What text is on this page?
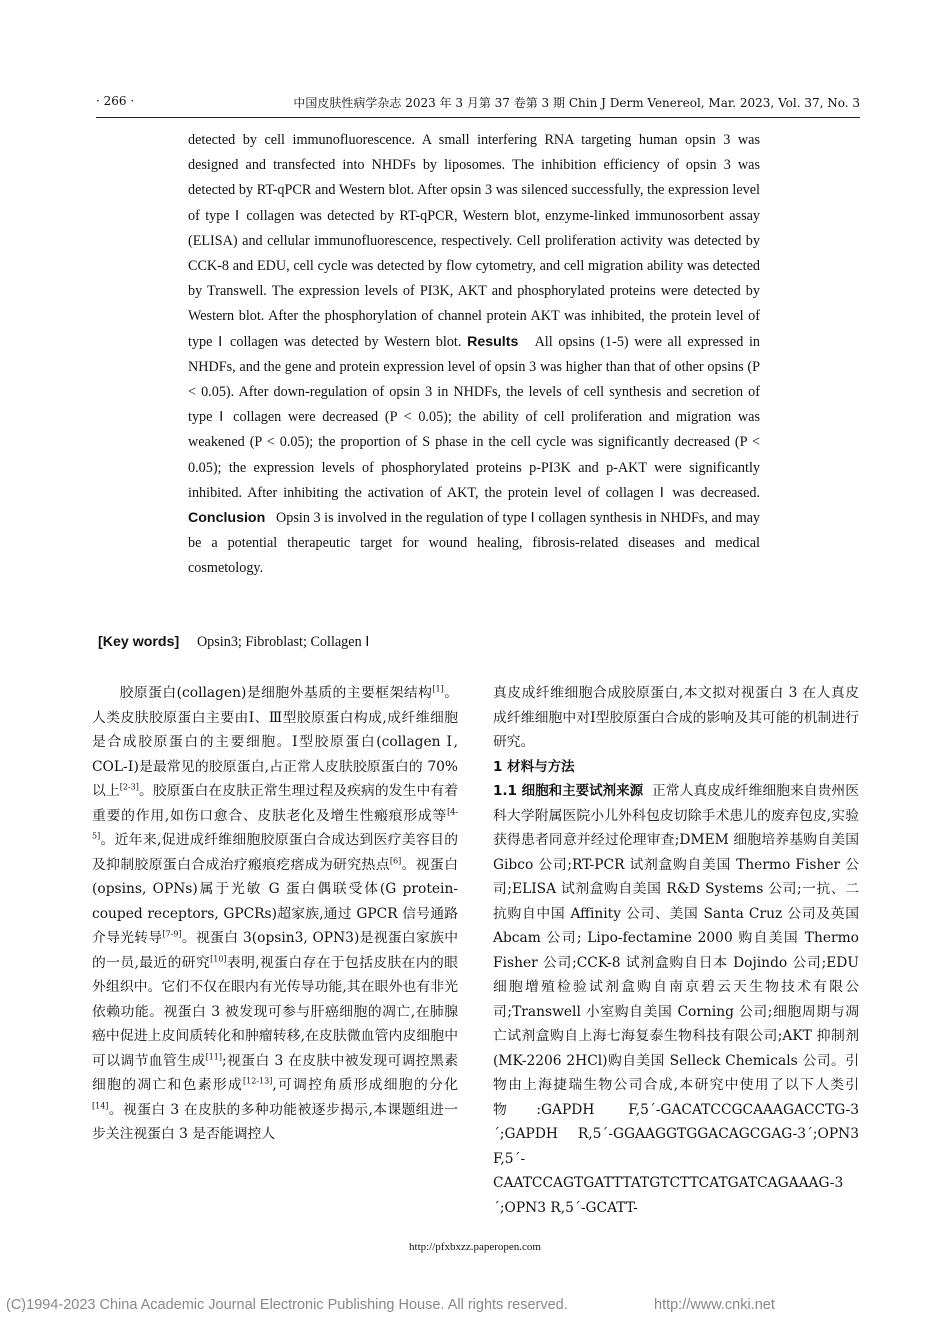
· 266 ·	中国皮肤性病学杂志 2023 年 3 月第 37 卷第 3 期 Chin J Derm Venereol, Mar. 2023, Vol. 37, No. 3

detected by cell immunofluorescence. A small interfering RNA targeting human opsin 3 was designed and transfected into NHDFs by liposomes. The inhibition efficiency of opsin 3 was detected by RT-qPCR and Western blot. After opsin 3 was silenced successfully, the expression level of type Ⅰ collagen was detected by RT-qPCR, Western blot, enzyme-linked immunosorbent assay (ELISA) and cellular immunofluorescence, respectively. Cell proliferation activity was detected by CCK-8 and EDU, cell cycle was detected by flow cytometry, and cell migration ability was detected by Transwell. The expression levels of PI3K, AKT and phosphorylated proteins were detected by Western blot. After the phosphorylation of channel protein AKT was inhibited, the protein level of type Ⅰ collagen was detected by Western blot. Results All opsins (1-5) were all expressed in NHDFs, and the gene and protein expression level of opsin 3 was higher than that of other opsins (P < 0.05). After down-regulation of opsin 3 in NHDFs, the levels of cell synthesis and secretion of type Ⅰ collagen were decreased (P < 0.05); the ability of cell proliferation and migration was weakened (P < 0.05); the proportion of S phase in the cell cycle was significantly decreased (P < 0.05); the expression levels of phosphorylated proteins p-PI3K and p-AKT were significantly inhibited. After inhibiting the activation of AKT, the protein level of collagen Ⅰ was decreased. Conclusion Opsin 3 is involved in the regulation of type Ⅰ collagen synthesis in NHDFs, and may be a potential therapeutic target for wound healing, fibrosis-related diseases and medical cosmetology.

[Key words] Opsin3; Fibroblast; Collagen Ⅰ

胶原蛋白(collagen)是细胞外基质的主要框架结构[1]。人类皮肤胶原蛋白主要由Ⅰ、Ⅲ型胶原蛋白构成,成纤维细胞是合成胶原蛋白的主要细胞。Ⅰ型胶原蛋白(collagen Ⅰ, COL-Ⅰ)是最常见的胶原蛋白,占正常人皮肤胶原蛋白的 70% 以上[2-3]。胶原蛋白在皮肤正常生理过程及疾病的发生中有着重要的作用,如伤口愈合、皮肤老化及增生性瘢痕形成等[4-5]。近年来,促进成纤维细胞胶原蛋白合成达到医疗美容目的及抑制胶原蛋白合成治疗瘢痕疙瘩成为研究热点[6]。视蛋白(opsins, OPNs)属于光敏 G 蛋白偶联受体(G protein-couped receptors, GPCRs)超家族,通过 GPCR 信号通路介导光转导[7-9]。视蛋白 3(opsin3, OPN3)是视蛋白家族中的一员,最近的研究[10]表明,视蛋白存在于包括皮肤在内的眼外组织中。它们不仅在眼内有光传导功能,其在眼外也有非光依赖功能。视蛋白 3 被发现可参与肝癌细胞的凋亡,在肺腺癌中促进上皮间质转化和肿瘤转移,在皮肤微血管内皮细胞中可以调节血管生成[11];视蛋白 3 在皮肤中被发现可调控黑素细胞的凋亡和色素形成[12-13],可调控角质形成细胞的分化[14]。视蛋白 3 在皮肤的多种功能被逐步揭示,本课题组进一步关注视蛋白 3 是否能调控人

真皮成纤维细胞合成胶原蛋白,本文拟对视蛋白 3 在人真皮成纤维细胞中对Ⅰ型胶原蛋白合成的影响及其可能的机制进行研究。

1 材料与方法

1.1 细胞和主要试剂来源 正常人真皮成纤维细胞来自贵州医科大学附属医院小儿外科包皮切除手术患儿的废弃包皮,实验获得患者同意并经过伦理审查;DMEM 细胞培养基购自美国 Gibco 公司;RT-PCR 试剂盒购自美国 Thermo Fisher 公司;ELISA 试剂盒购自美国 R&D Systems 公司;一抗、二抗购自中国 Affinity 公司、美国 Santa Cruz 公司及英国 Abcam 公司; Lipo-fectamine 2000 购自美国 Thermo Fisher 公司;CCK-8 试剂盒购自日本 Dojindo 公司;EDU 细胞增殖检验试剂盒购自南京碧云天生物技术有限公司;Transwell 小室购自美国 Corning 公司;细胞周期与凋亡试剂盒购自上海七海复泰生物科技有限公司;AKT 抑制剂(MK-2206 2HCl)购自美国 Selleck Chemicals 公司。引物由上海捷瑞生物公司合成,本研究中使用了以下人类引物:GAPDH F,5´-GACATCCGCAAAGACCTG-3´;GAPDH R,5´-GGAAGGTGGACAGCGAG-3´;OPN3 F,5´-CAATCCAGTGATTTATGTCTTCATGATCAGAAAG-3´;OPN3 R,5´-GCATT-

http://pfxbxzz.paperopen.com
(C)1994-2023 China Academic Journal Electronic Publishing House. All rights reserved.	http://www.cnki.net
